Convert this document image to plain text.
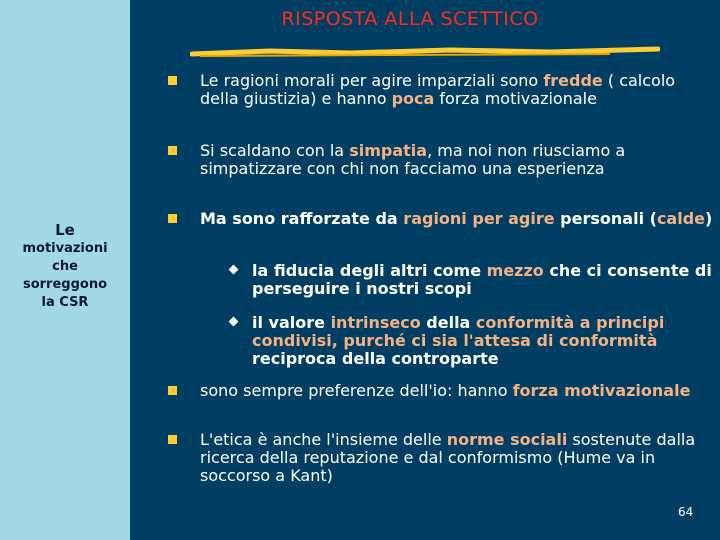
Le
motivazioni
che
sorreggono
la CSR
RISPOSTA ALLA SCETTICO
Le ragioni morali per agire imparziali sono fredde ( calcolo della giustizia) e hanno poca forza motivazionale
Si scaldano con la simpatia, ma noi non riusciamo a simpatizzare con chi non facciamo una esperienza
Ma sono rafforzate da ragioni per agire personali (calde)
la fiducia degli altri come mezzo che ci consente di perseguire i nostri scopi
il valore intrinseco della conformità a principi condivisi, purché ci sia l'attesa di conformità reciproca della controparte
sono sempre preferenze dell'io: hanno forza motivazionale
L'etica è anche l'insieme delle norme sociali sostenute dalla ricerca della reputazione e dal conformismo (Hume va in soccorso a Kant)
64
